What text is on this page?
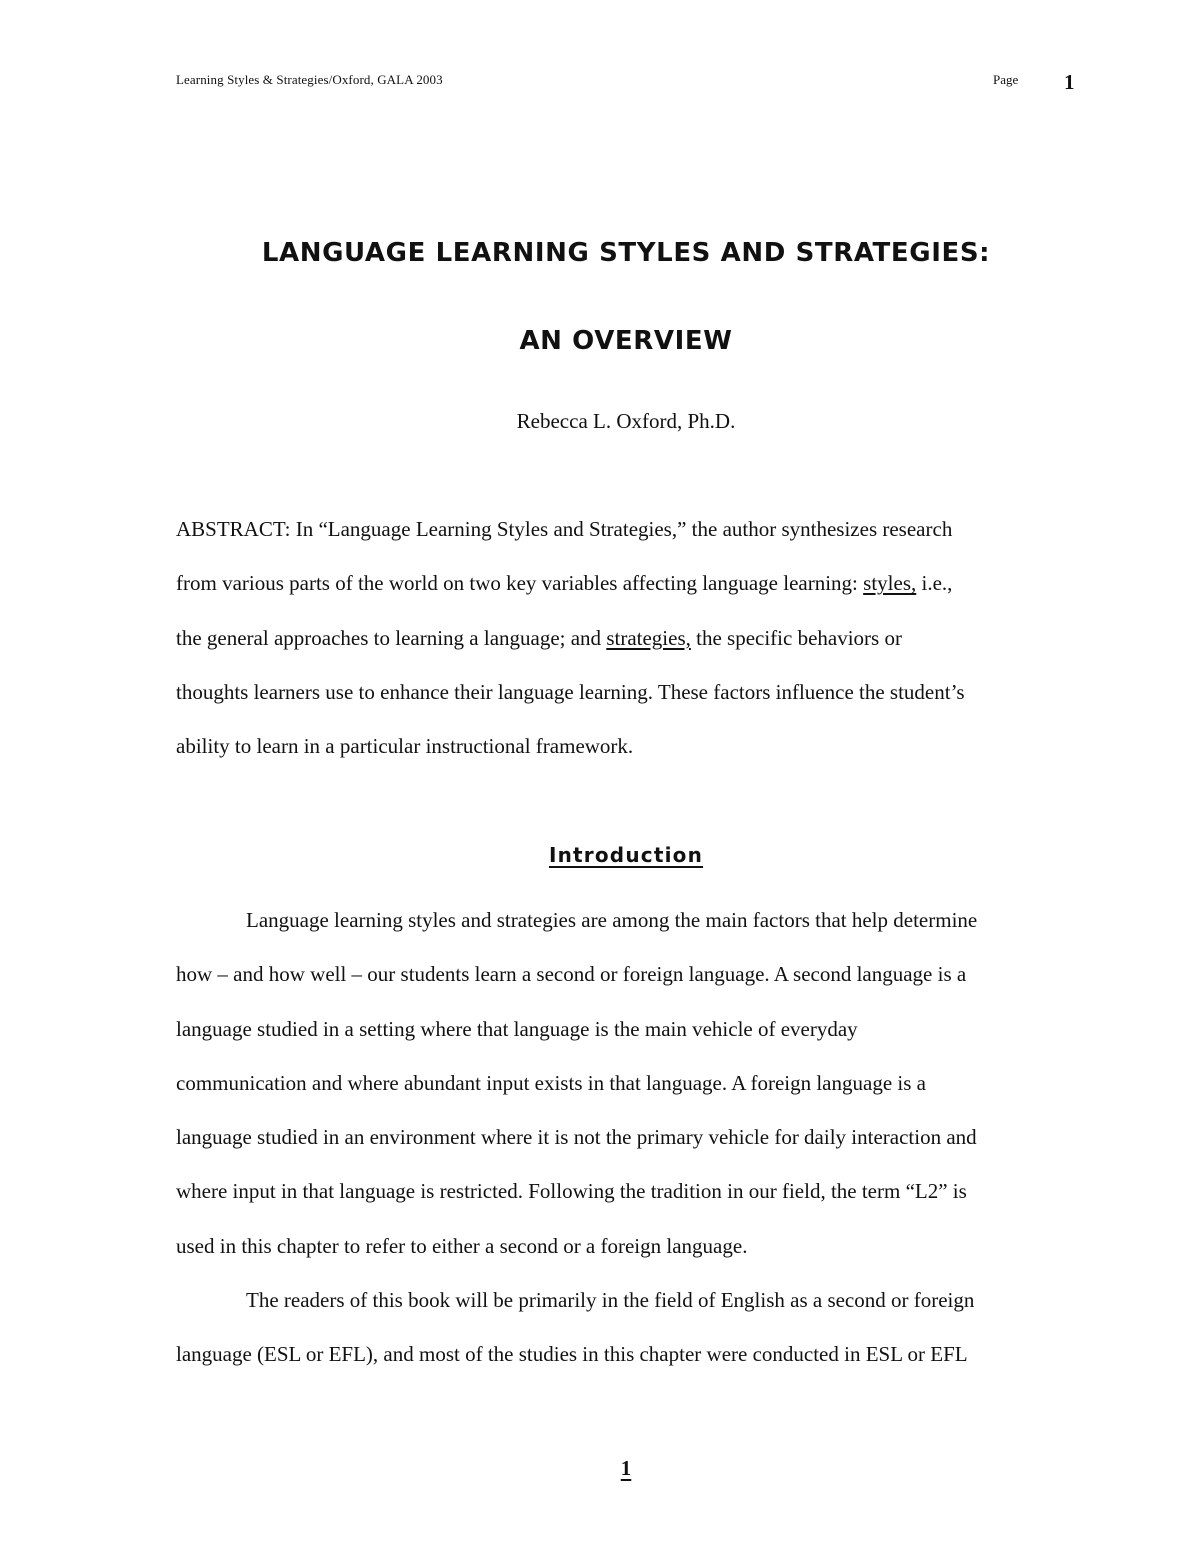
Learning Styles & Strategies/Oxford, GALA 2003	Page 1
LANGUAGE LEARNING STYLES AND STRATEGIES:
AN OVERVIEW
Rebecca L. Oxford, Ph.D.
ABSTRACT: In “Language Learning Styles and Strategies,” the author synthesizes research
from various parts of the world on two key variables affecting language learning: styles, i.e.,
the general approaches to learning a language; and strategies, the specific behaviors or
thoughts learners use to enhance their language learning. These factors influence the student’s
ability to learn in a particular instructional framework.
Introduction
Language learning styles and strategies are among the main factors that help determine
how – and how well – our students learn a second or foreign language. A second language is a
language studied in a setting where that language is the main vehicle of everyday
communication and where abundant input exists in that language. A foreign language is a
language studied in an environment where it is not the primary vehicle for daily interaction and
where input in that language is restricted. Following the tradition in our field, the term “L2” is
used in this chapter to refer to either a second or a foreign language.
The readers of this book will be primarily in the field of English as a second or foreign
language (ESL or EFL), and most of the studies in this chapter were conducted in ESL or EFL
1
